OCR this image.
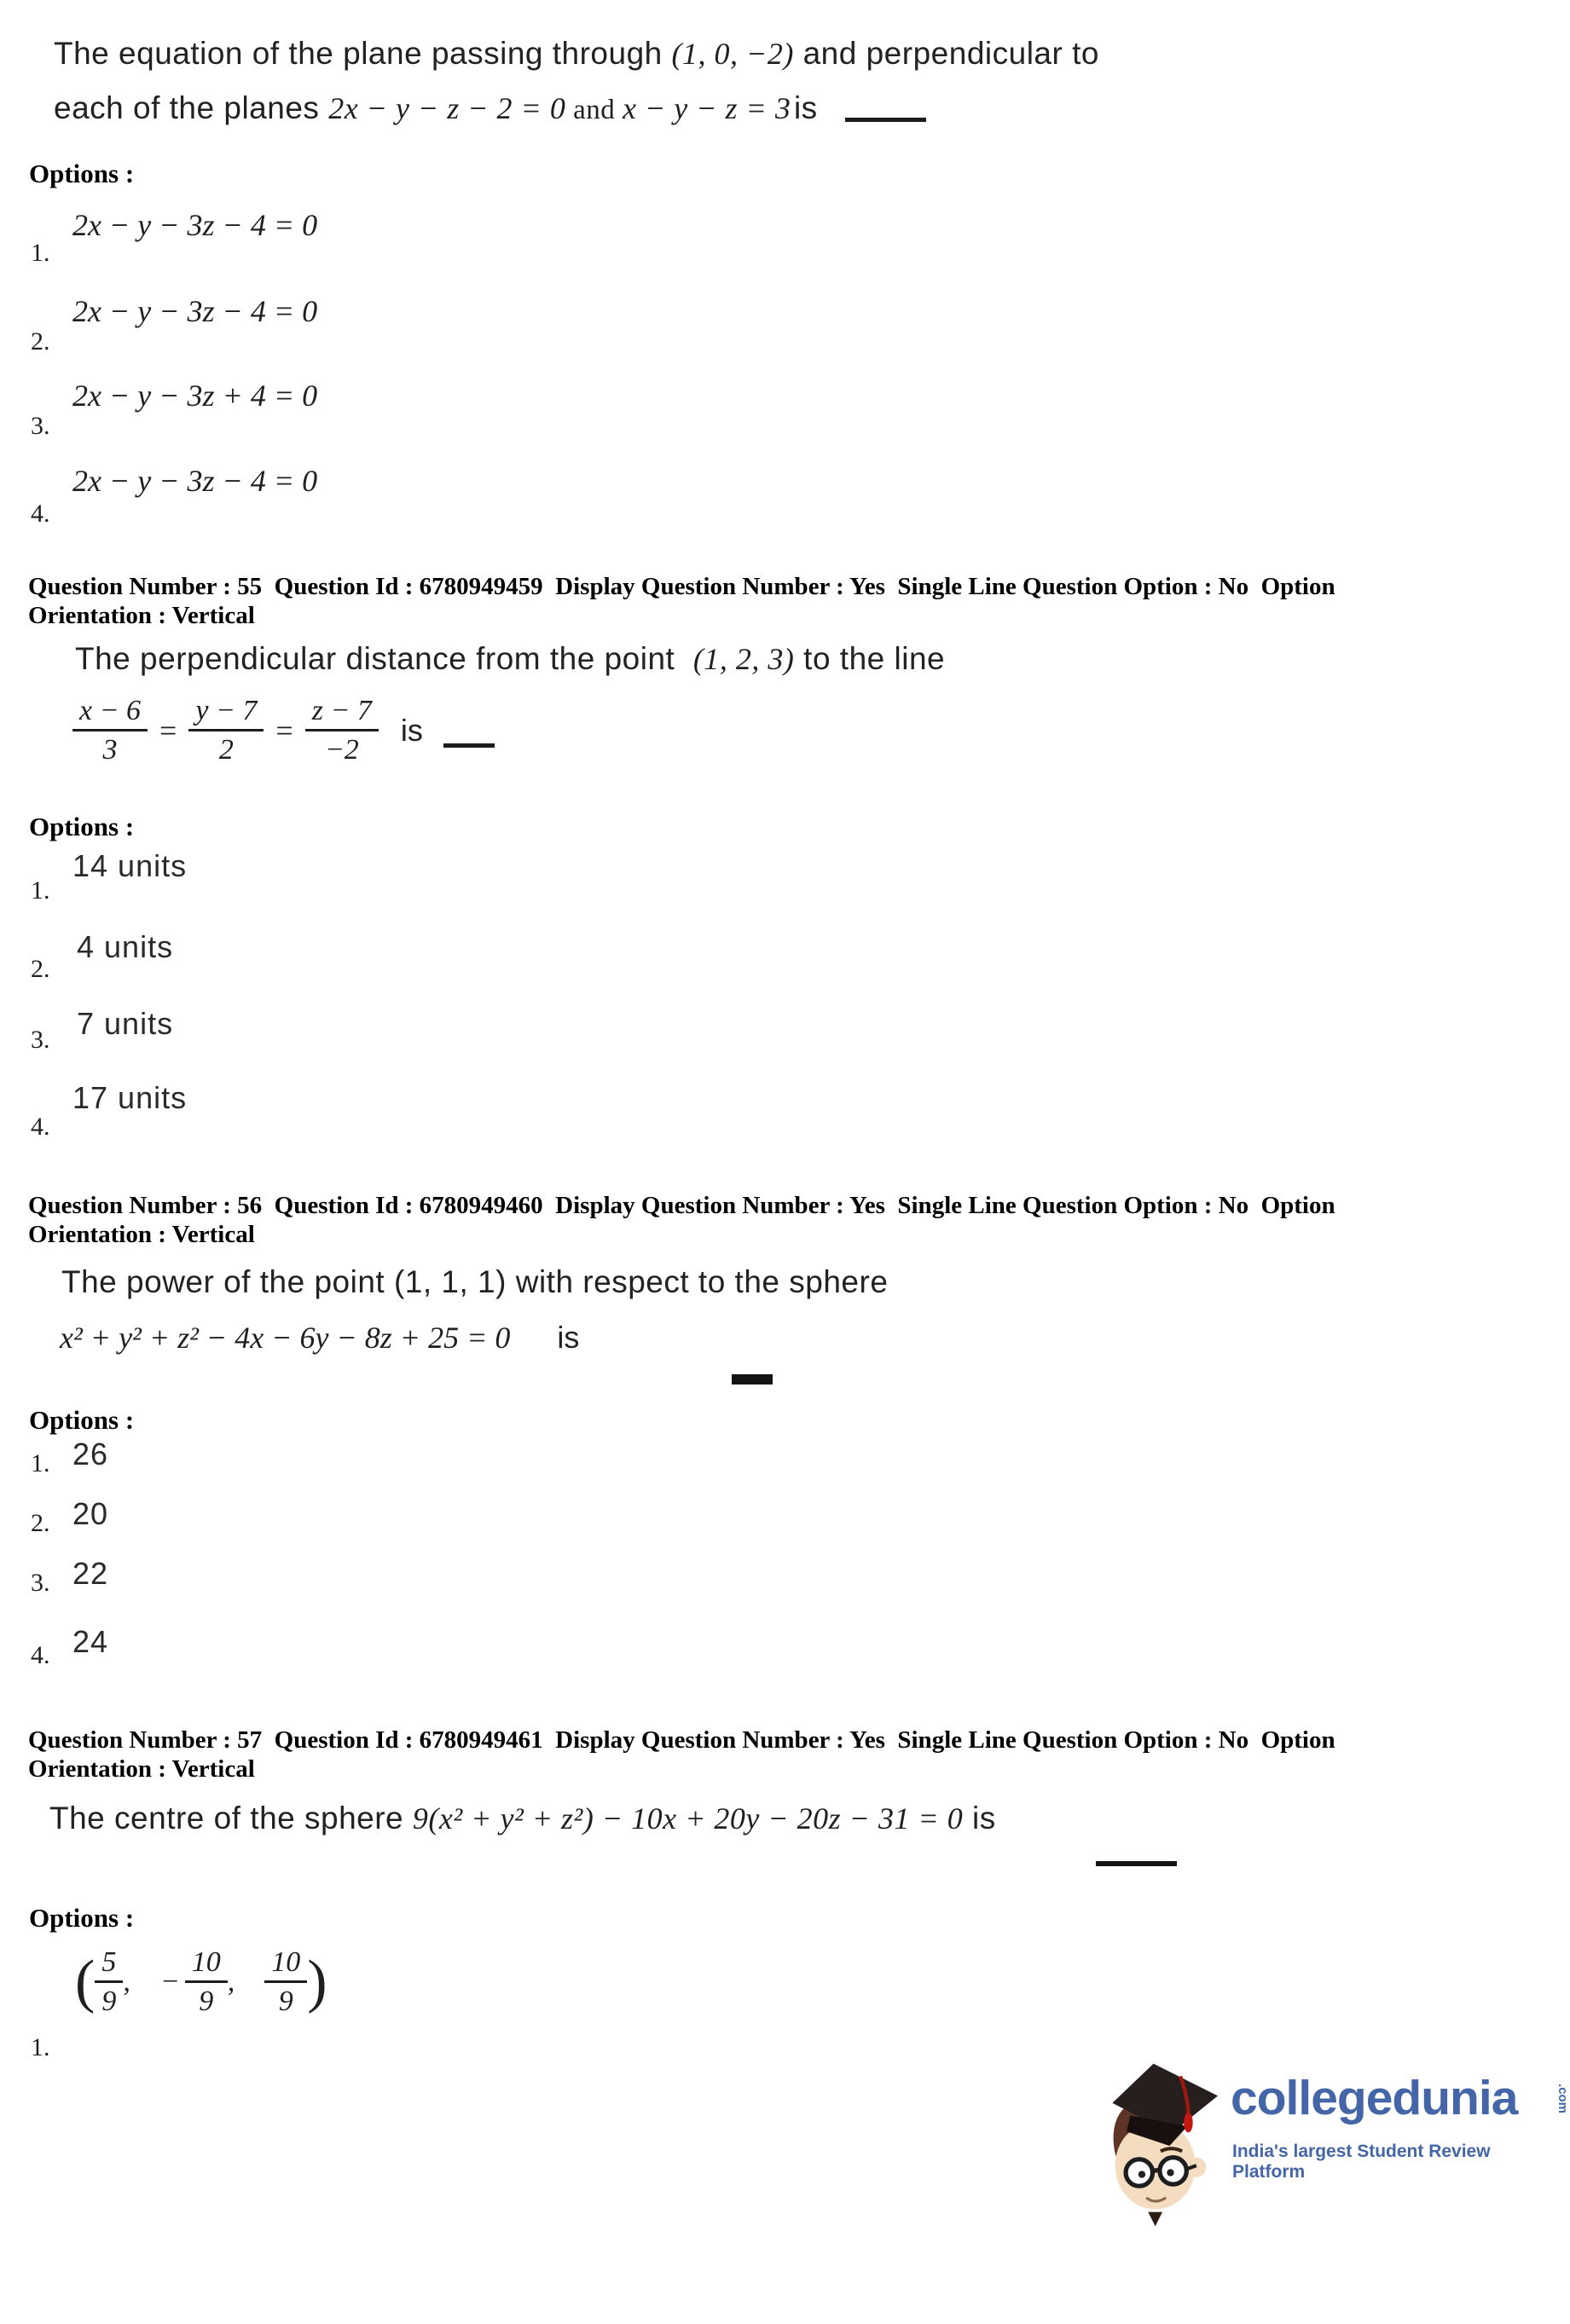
The equation of the plane passing through (1, 0, −2) and perpendicular to
each of the planes 2x − y − z − 2 = 0 and x − y − z = 3 is
Options :
2x − y − 3z − 4 = 0
1.
2x − y − 3z − 4 = 0
2.
2x − y − 3z + 4 = 0
3.
2x − y − 3z − 4 = 0
4.
Question Number : 55  Question Id : 6780949459  Display Question Number : Yes  Single Line Question Option : No  Option
Orientation : Vertical
The perpendicular distance from the point  (1, 2, 3) to the line
$\frac{x - 6}{3} = \frac{y - 7}{2} = \frac{z - 7}{-2}$ is
Options :
14 units
1.
4 units
2.
7 units
3.
17 units
4.
Question Number : 56  Question Id : 6780949460  Display Question Number : Yes  Single Line Question Option : No  Option
Orientation : Vertical
The power of the point (1, 1, 1) with respect to the sphere
x² + y² + z² − 4x − 6y − 8z + 25 = 0 is
Options :
26
1.
20
2.
22
3.
24
4.
Question Number : 57  Question Id : 6780949461  Display Question Number : Yes  Single Line Question Option : No  Option
Orientation : Vertical
The centre of the sphere 9(x² + y² + z²) − 10x + 20y − 20z − 31 = 0 is
Options :
( $\frac{5}{9}$ , − $\frac{10}{9}$ , $\frac{10}{9}$ )
1.
collegedunia	.com
India's largest Student Review Platform
